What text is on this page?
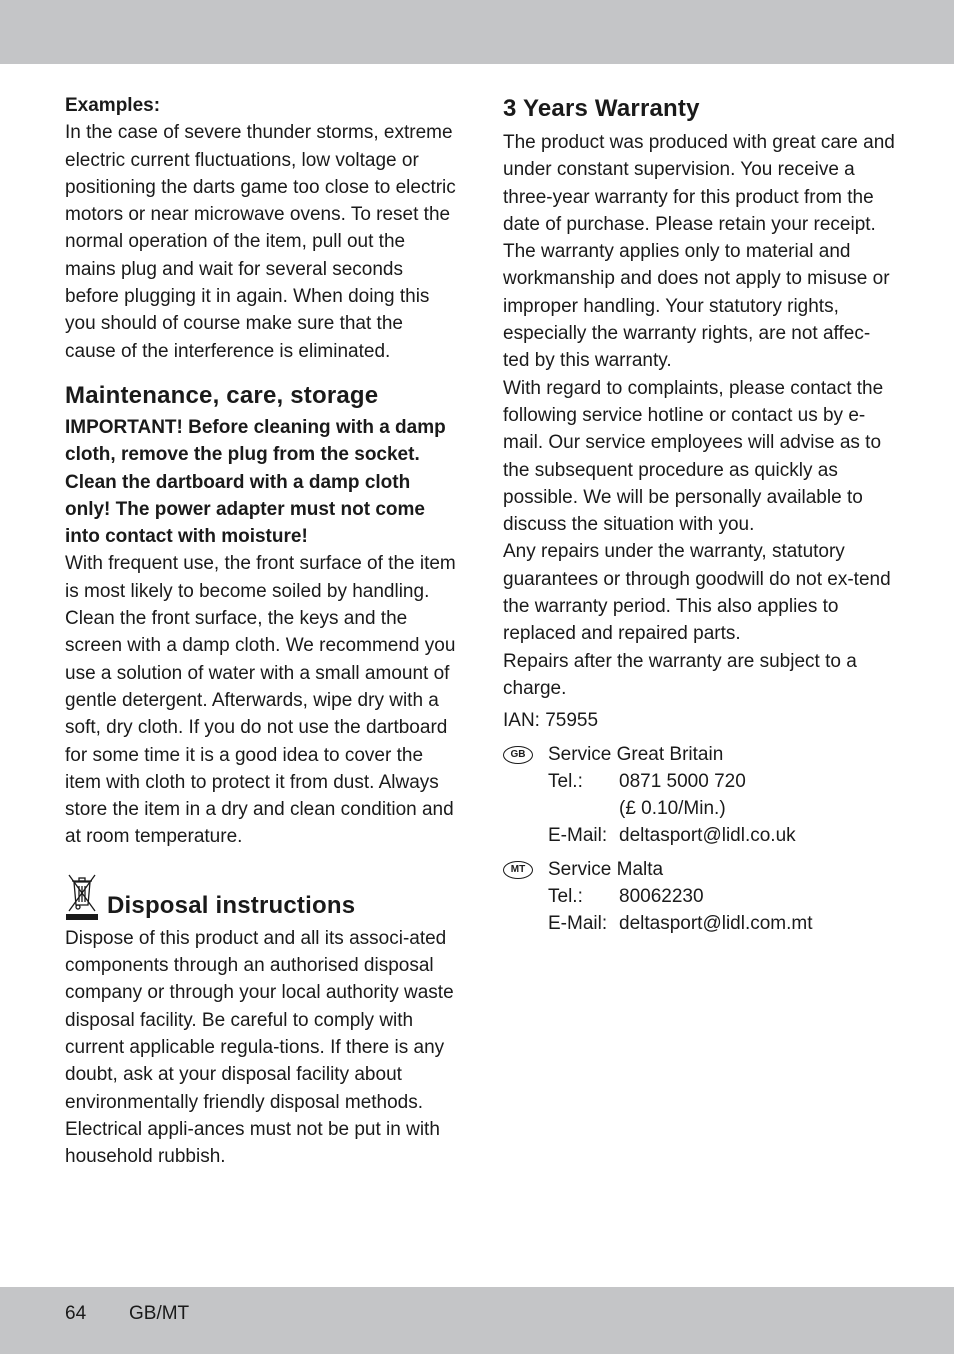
Examples:

In the case of severe thunder storms, extreme electric current fluctuations, low voltage or positioning the darts game too close to electric motors or near microwave ovens. To reset the normal operation of the item, pull out the mains plug and wait for several seconds before plugging it in again. When doing this you should of course make sure that the cause of the interference is eliminated.

Maintenance, care, storage

IMPORTANT! Before cleaning with a damp cloth, remove the plug from the socket. Clean the dartboard with a damp cloth only! The power adapter must not come into contact with moisture!

With frequent use, the front surface of the item is most likely to become soiled by handling. Clean the front surface, the keys and the screen with a damp cloth. We recommend you use a solution of water with a small amount of gentle detergent. Afterwards, wipe dry with a soft, dry cloth. If you do not use the dartboard for some time it is a good idea to cover the item with cloth to protect it from dust. Always store the item in a dry and clean condition and at room temperature.

Disposal instructions

Dispose of this product and all its associ-ated components through an authorised disposal company or through your local authority waste disposal facility. Be careful to comply with current applicable regula-tions. If there is any doubt, ask at your disposal facility about environmentally friendly disposal methods. Electrical appli-ances must not be put in with household rubbish.

3 Years Warranty

The product was produced with great care and under constant supervision. You receive a three-year warranty for this product from the date of purchase. Please retain your receipt.

The warranty applies only to material and workmanship and does not apply to misuse or improper handling. Your statutory rights, especially the warranty rights, are not affec-ted by this warranty.

With regard to complaints, please contact the following service hotline or contact us by e-mail. Our service employees will advise as to the subsequent procedure as quickly as possible. We will be personally available to discuss the situation with you.

Any repairs under the warranty, statutory guarantees or through goodwill do not ex-tend the warranty period. This also applies to replaced and repaired parts.

Repairs after the warranty are subject to a charge.

IAN: 75955

GB	Service Great Britain
Tel.:	0871 5000 720
(£ 0.10/Min.)
E-Mail: deltasport@lidl.co.uk
MT	Service Malta
Tel.:	80062230
E-Mail: deltasport@lidl.com.mt
64 GB/MT
